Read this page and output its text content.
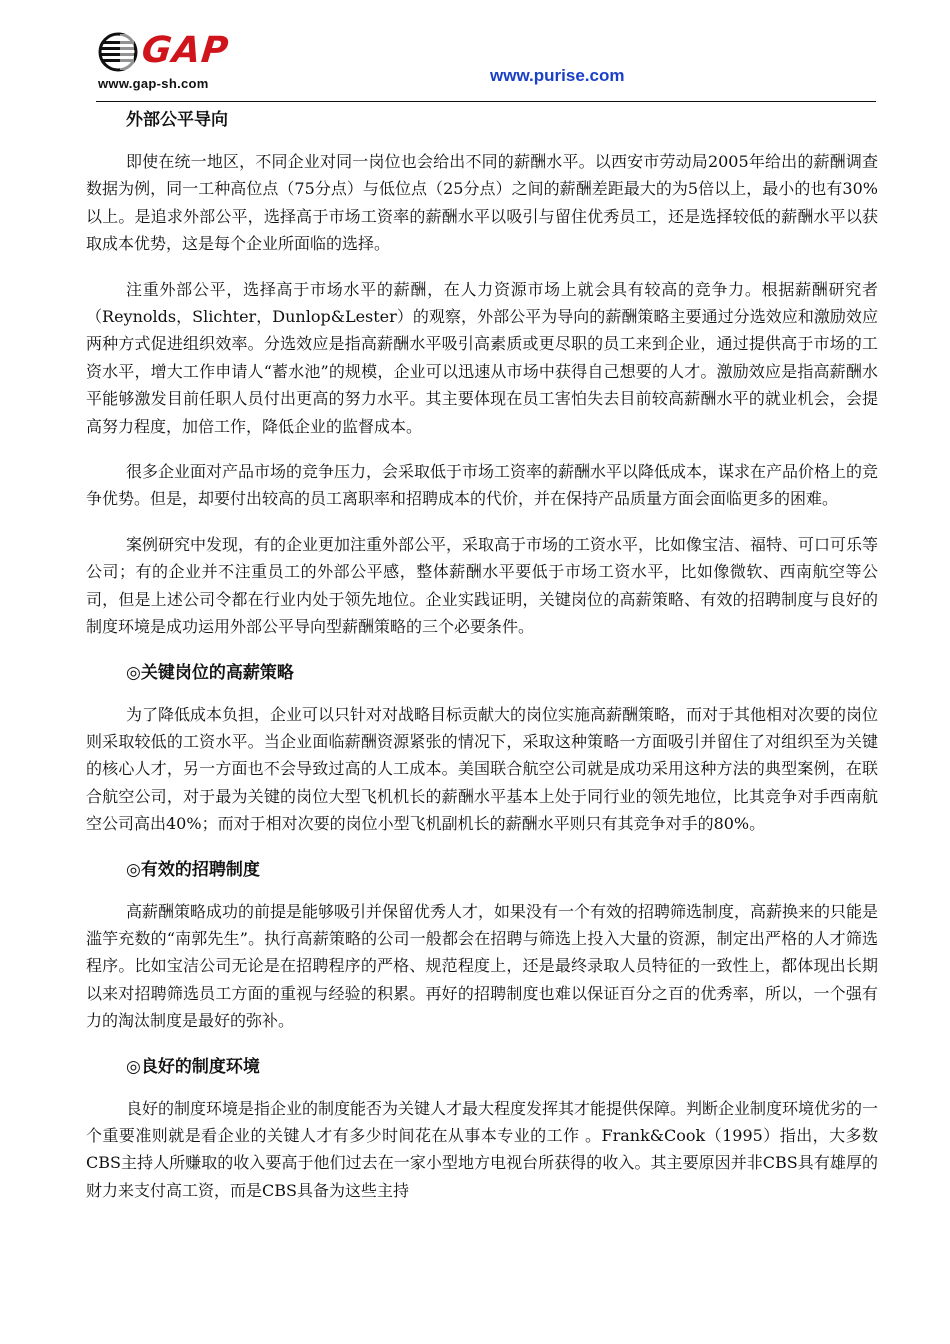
GAP
www.gap-sh.com	www.purise.com
外部公平导向

即使在统一地区，不同企业对同一岗位也会给出不同的薪酬水平。以西安市劳动局2005年给出的薪酬调查数据为例，同一工种高位点（75分点）与低位点（25分点）之间的薪酬差距最大的为5倍以上，最小的也有30%以上。是追求外部公平，选择高于市场工资率的薪酬水平以吸引与留住优秀员工，还是选择较低的薪酬水平以获取成本优势，这是每个企业所面临的选择。

注重外部公平，选择高于市场水平的薪酬，在人力资源市场上就会具有较高的竞争力。根据薪酬研究者（Reynolds，Slichter，Dunlop&Lester）的观察，外部公平为导向的薪酬策略主要通过分选效应和激励效应两种方式促进组织效率。分选效应是指高薪酬水平吸引高素质或更尽职的员工来到企业，通过提供高于市场的工资水平，增大工作申请人“蓄水池”的规模，企业可以迅速从市场中获得自己想要的人才。激励效应是指高薪酬水平能够激发目前任职人员付出更高的努力水平。其主要体现在员工害怕失去目前较高薪酬水平的就业机会，会提高努力程度，加倍工作，降低企业的监督成本。

很多企业面对产品市场的竞争压力，会采取低于市场工资率的薪酬水平以降低成本，谋求在产品价格上的竞争优势。但是，却要付出较高的员工离职率和招聘成本的代价，并在保持产品质量方面会面临更多的困难。

案例研究中发现，有的企业更加注重外部公平，采取高于市场的工资水平，比如像宝洁、福特、可口可乐等公司；有的企业并不注重员工的外部公平感，整体薪酬水平要低于市场工资水平，比如像微软、西南航空等公司，但是上述公司令都在行业内处于领先地位。企业实践证明，关键岗位的高薪策略、有效的招聘制度与良好的制度环境是成功运用外部公平导向型薪酬策略的三个必要条件。

◎关键岗位的高薪策略

为了降低成本负担，企业可以只针对对战略目标贡献大的岗位实施高薪酬策略，而对于其他相对次要的岗位则采取较低的工资水平。当企业面临薪酬资源紧张的情况下，采取这种策略一方面吸引并留住了对组织至为关键的核心人才，另一方面也不会导致过高的人工成本。美国联合航空公司就是成功采用这种方法的典型案例，在联合航空公司，对于最为关键的岗位大型飞机机长的薪酬水平基本上处于同行业的领先地位，比其竞争对手西南航空公司高出40%；而对于相对次要的岗位小型飞机副机长的薪酬水平则只有其竞争对手的80%。

◎有效的招聘制度

高薪酬策略成功的前提是能够吸引并保留优秀人才，如果没有一个有效的招聘筛选制度，高薪换来的只能是滥竽充数的“南郭先生”。执行高薪策略的公司一般都会在招聘与筛选上投入大量的资源，制定出严格的人才筛选程序。比如宝洁公司无论是在招聘程序的严格、规范程度上，还是最终录取人员特征的一致性上，都体现出长期以来对招聘筛选员工方面的重视与经验的积累。再好的招聘制度也难以保证百分之百的优秀率，所以，一个强有力的淘汰制度是最好的弥补。

◎良好的制度环境

良好的制度环境是指企业的制度能否为关键人才最大程度发挥其才能提供保障。判断企业制度环境优劣的一个重要准则就是看企业的关键人才有多少时间花在从事本专业的工作 。Frank&Cook（1995）指出，大多数CBS主持人所赚取的收入要高于他们过去在一家小型地方电视台所获得的收入。其主要原因并非CBS具有雄厚的财力来支付高工资，而是CBS具备为这些主持
